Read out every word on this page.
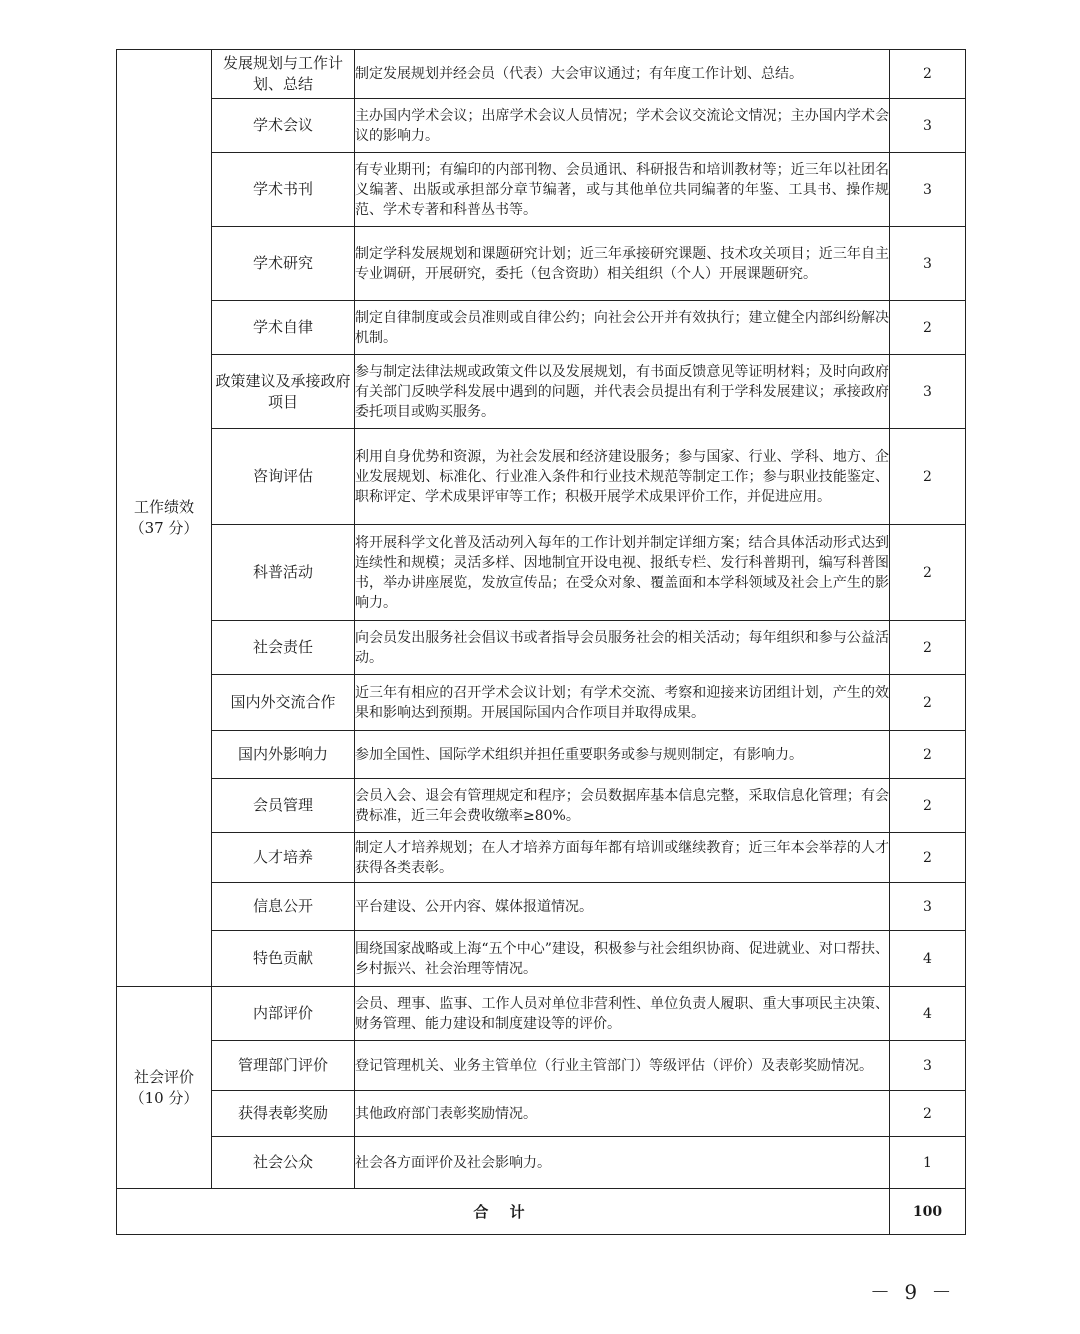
工作绩效
（37 分）	发展规划与工作计划、总结	制定发展规划并经会员（代表）大会审议通过；有年度工作计划、总结。	2
	学术会议	主办国内学术会议；出席学术会议人员情况；学术会议交流论文情况；主办国内学术会议的影响力。	3
	学术书刊	有专业期刊；有编印的内部刊物、会员通讯、科研报告和培训教材等；近三年以社团名义编著、出版或承担部分章节编著，或与其他单位共同编著的年鉴、工具书、操作规范、学术专著和科普丛书等。	3
	学术研究	制定学科发展规划和课题研究计划；近三年承接研究课题、技术攻关项目；近三年自主专业调研，开展研究，委托（包含资助）相关组织（个人）开展课题研究。	3
	学术自律	制定自律制度或会员准则或自律公约；向社会公开并有效执行；建立健全内部纠纷解决机制。	2
	政策建议及承接政府项目	参与制定法律法规或政策文件以及发展规划，有书面反馈意见等证明材料；及时向政府有关部门反映学科发展中遇到的问题，并代表会员提出有利于学科发展建议；承接政府委托项目或购买服务。	3
	咨询评估	利用自身优势和资源，为社会发展和经济建设服务；参与国家、行业、学科、地方、企业发展规划、标准化、行业准入条件和行业技术规范等制定工作；参与职业技能鉴定、职称评定、学术成果评审等工作；积极开展学术成果评价工作，并促进应用。	2
	科普活动	将开展科学文化普及活动列入每年的工作计划并制定详细方案；结合具体活动形式达到连续性和规模；灵活多样、因地制宜开设电视、报纸专栏、发行科普期刊，编写科普图书，举办讲座展览，发放宣传品；在受众对象、覆盖面和本学科领域及社会上产生的影响力。	2
	社会责任	向会员发出服务社会倡议书或者指导会员服务社会的相关活动；每年组织和参与公益活动。	2
	国内外交流合作	近三年有相应的召开学术会议计划；有学术交流、考察和迎接来访团组计划，产生的效果和影响达到预期。开展国际国内合作项目并取得成果。	2
	国内外影响力	参加全国性、国际学术组织并担任重要职务或参与规则制定，有影响力。	2
	会员管理	会员入会、退会有管理规定和程序；会员数据库基本信息完整，采取信息化管理；有会费标准，近三年会费收缴率≥80%。	2
	人才培养	制定人才培养规划；在人才培养方面每年都有培训或继续教育；近三年本会举荐的人才获得各类表彰。	2
	信息公开	平台建设、公开内容、媒体报道情况。	3
	特色贡献	围绕国家战略或上海“五个中心”建设，积极参与社会组织协商、促进就业、对口帮扶、乡村振兴、社会治理等情况。	4

社会评价
（10 分）	内部评价	会员、理事、监事、工作人员对单位非营利性、单位负责人履职、重大事项民主决策、财务管理、能力建设和制度建设等的评价。	4
	管理部门评价	登记管理机关、业务主管单位（行业主管部门）等级评估（评价）及表彰奖励情况。	3
	获得表彰奖励	其他政府部门表彰奖励情况。	2
	社会公众	社会各方面评价及社会影响力。	1
合 计			100
－ 9 －
